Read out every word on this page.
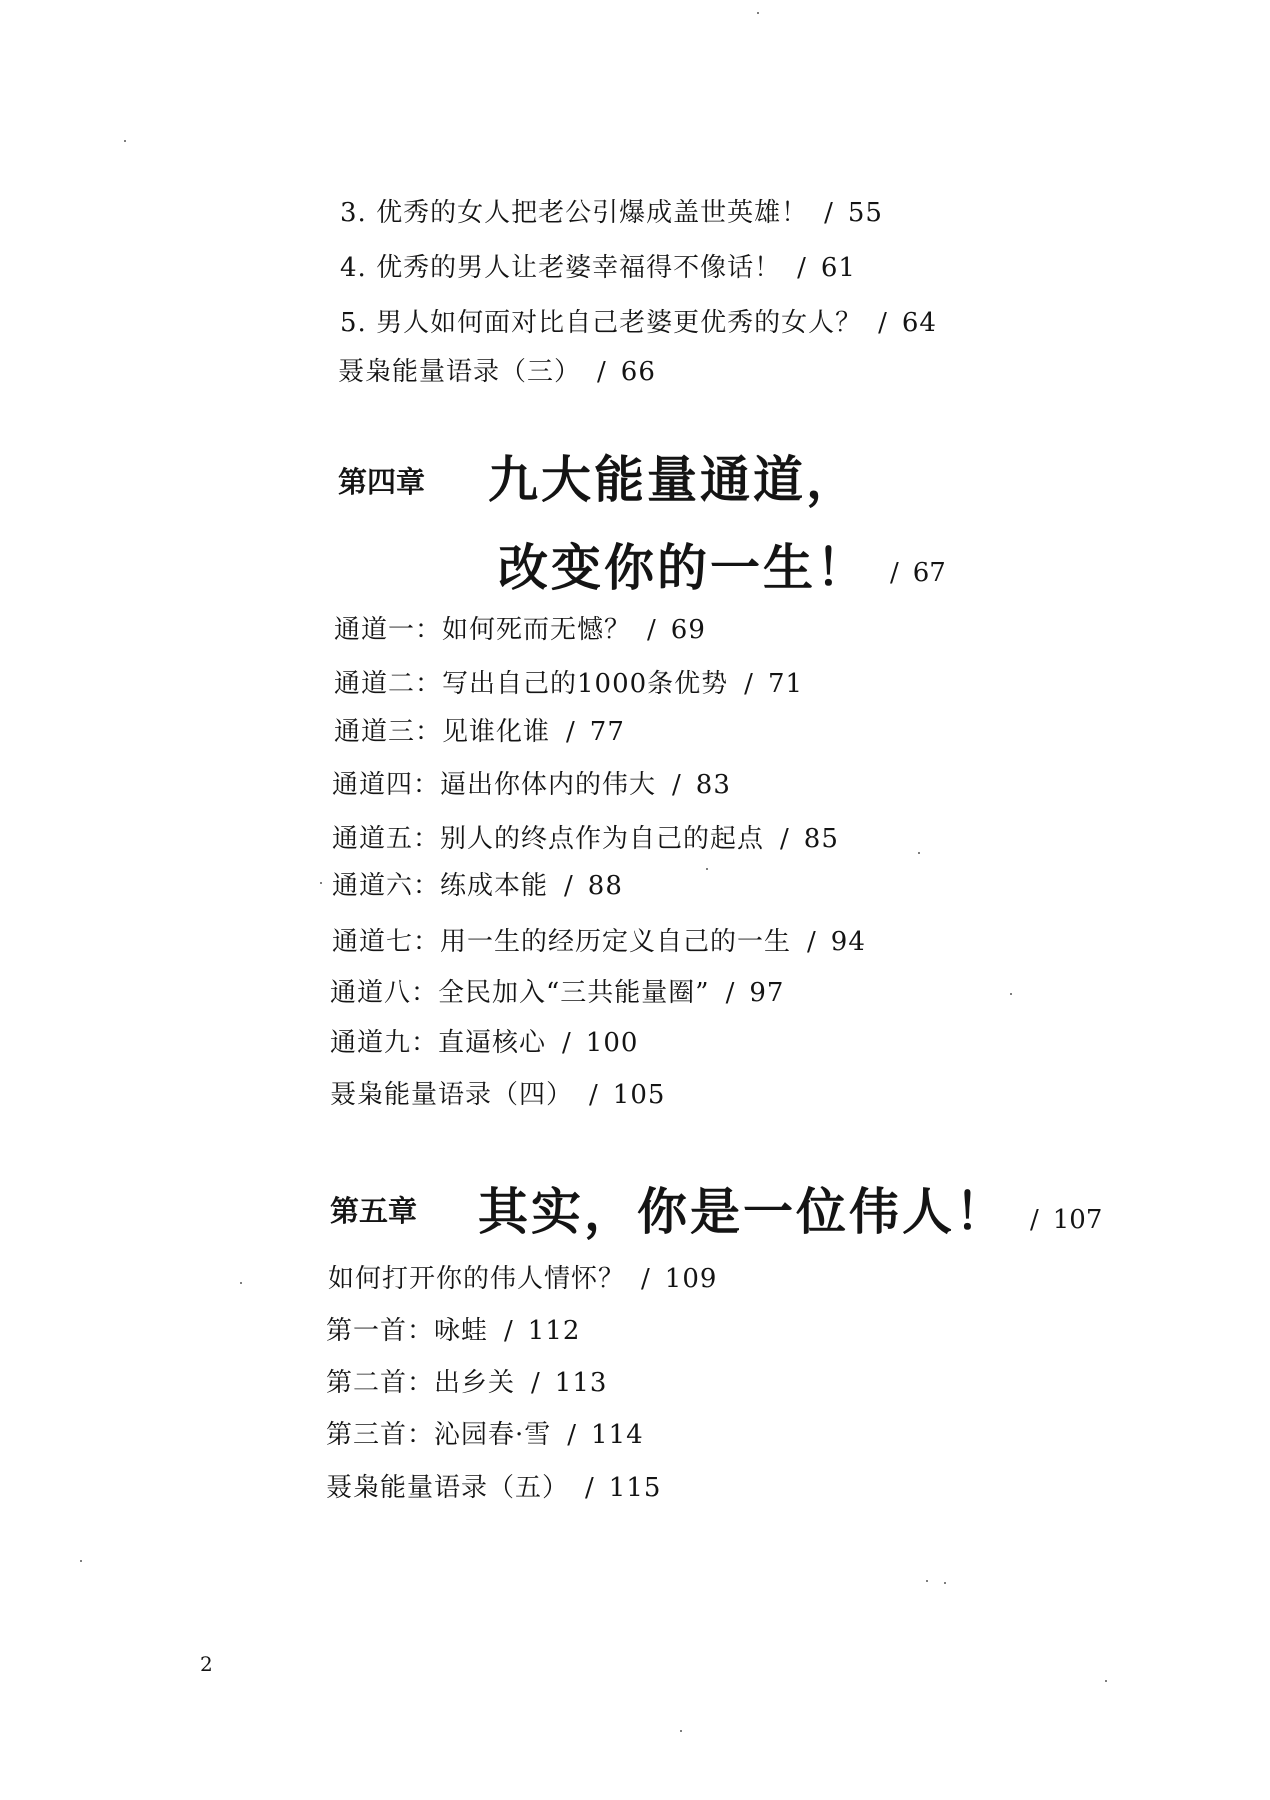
3. 优秀的女人把老公引爆成盖世英雄！ / 55
4. 优秀的男人让老婆幸福得不像话！ / 61
5. 男人如何面对比自己老婆更优秀的女人？ / 64
聂枭能量语录（三） / 66
第四章 九大能量通道，
改变你的一生！ / 67
通道一：如何死而无憾？ / 69
通道二：写出自己的1000条优势 / 71
通道三：见谁化谁 / 77
通道四：逼出你体内的伟大 / 83
通道五：别人的终点作为自己的起点 / 85
通道六：练成本能 / 88
通道七：用一生的经历定义自己的一生 / 94
通道八：全民加入“三共能量圈” / 97
通道九：直逼核心 / 100
聂枭能量语录（四） / 105
第五章 其实，你是一位伟人！ / 107
如何打开你的伟人情怀？ / 109
第一首：咏蛙 / 112
第二首：出乡关 / 113
第三首：沁园春·雪 / 114
聂枭能量语录（五） / 115
2
